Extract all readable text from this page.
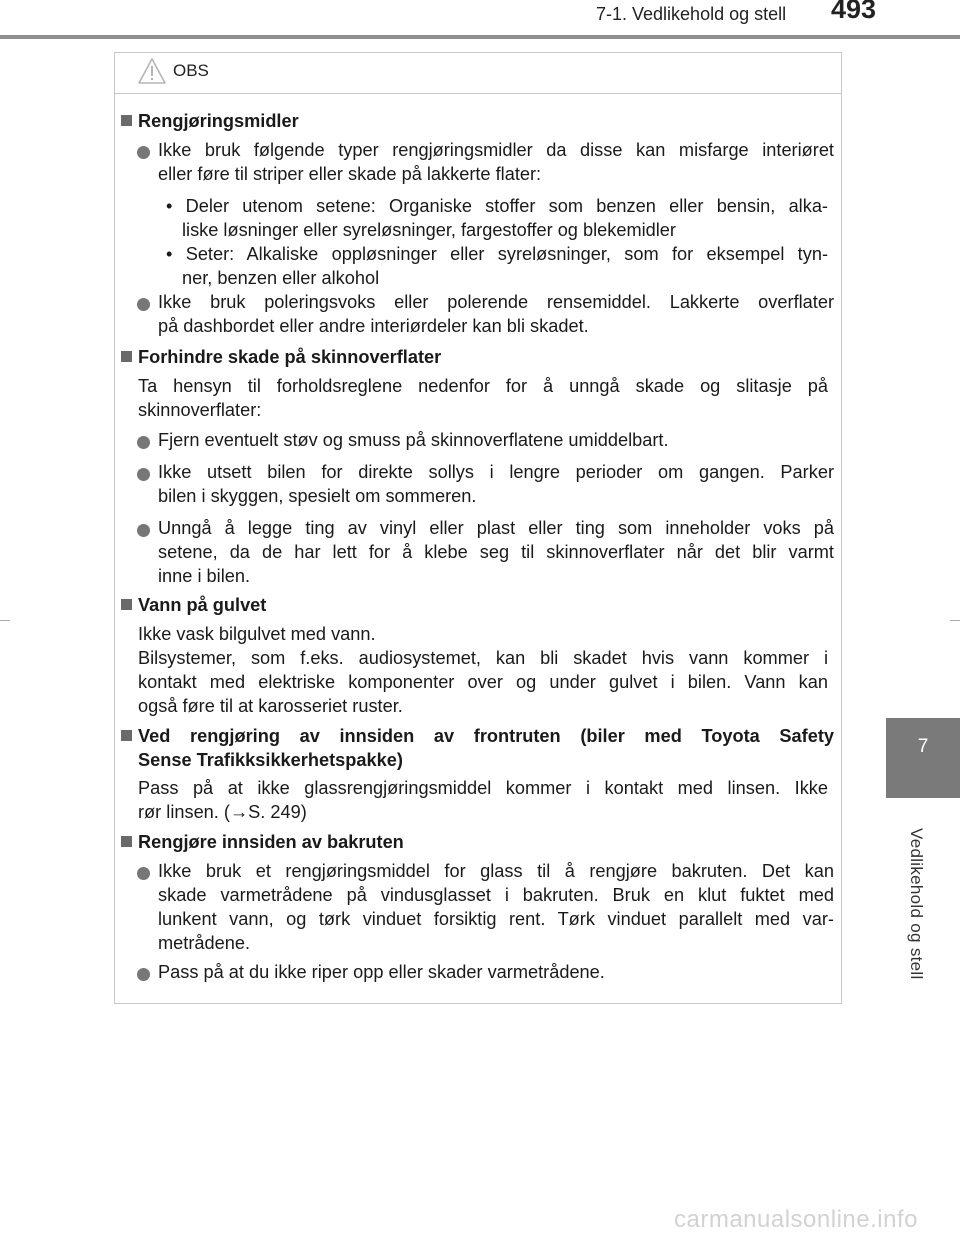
7-1. Vedlikehold og stell 493
7
Vedlikehold og stell
OBS
Rengjøringsmidler
Ikke bruk følgende typer rengjøringsmidler da disse kan misfarge interiøret
eller føre til striper eller skade på lakkerte flater:
• Deler utenom setene: Organiske stoffer som benzen eller bensin, alka-
liske løsninger eller syreløsninger, fargestoffer og blekemidler
• Seter: Alkaliske oppløsninger eller syreløsninger, som for eksempel tyn-
ner, benzen eller alkohol
Ikke bruk poleringsvoks eller polerende rensemiddel. Lakkerte overflater
på dashbordet eller andre interiørdeler kan bli skadet.
Forhindre skade på skinnoverflater
Ta hensyn til forholdsreglene nedenfor for å unngå skade og slitasje på
skinnoverflater:
Fjern eventuelt støv og smuss på skinnoverflatene umiddelbart.
Ikke utsett bilen for direkte sollys i lengre perioder om gangen. Parker
bilen i skyggen, spesielt om sommeren.
Unngå å legge ting av vinyl eller plast eller ting som inneholder voks på
setene, da de har lett for å klebe seg til skinnoverflater når det blir varmt
inne i bilen.
Vann på gulvet
Ikke vask bilgulvet med vann.
Bilsystemer, som f.eks. audiosystemet, kan bli skadet hvis vann kommer i
kontakt med elektriske komponenter over og under gulvet i bilen. Vann kan
også føre til at karosseriet ruster.
Ved rengjøring av innsiden av frontruten (biler med Toyota Safety
Sense Trafikksikkerhetspakke)
Pass på at ikke glassrengjøringsmiddel kommer i kontakt med linsen. Ikke
rør linsen. (→S. 249)
Rengjøre innsiden av bakruten
Ikke bruk et rengjøringsmiddel for glass til å rengjøre bakruten. Det kan
skade varmetrådene på vindusglasset i bakruten. Bruk en klut fuktet med
lunkent vann, og tørk vinduet forsiktig rent. Tørk vinduet parallelt med var-
metrådene.
Pass på at du ikke riper opp eller skader varmetrådene.
carmanualsonline.info
